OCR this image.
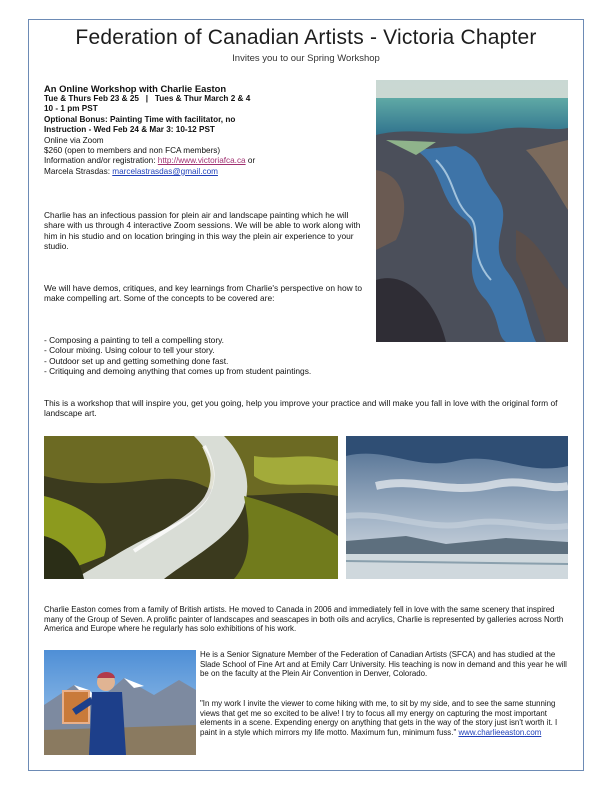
Federation of Canadian Artists - Victoria Chapter
Invites you to our Spring Workshop
An Online Workshop with Charlie Easton
Tue & Thurs Feb 23 & 25   |   Tues & Thur March 2 & 4
10 - 1 pm PST
Optional Bonus: Painting Time with facilitator, no
Instruction - Wed Feb 24 & Mar 3: 10-12 PST
Online via Zoom
$260 (open to members and non FCA members)
Information and/or registration: http://www.victoriafca.ca or
Marcela Strasdas: marcelastrasdas@gmail.com
Charlie has an infectious passion for plein air and landscape painting which he will share with us through 4 interactive Zoom sessions. We will be able to work along with him in his studio and on location bringing in this way the plein air experience to your studio.
We will have demos, critiques, and key learnings from Charlie's perspective on how to make compelling art. Some of the concepts to be covered are:
- Composing a painting to tell a compelling story.
- Colour mixing. Using colour to tell your story.
- Outdoor set up and getting something done fast.
- Critiquing and demoing anything that comes up from student paintings.
This is a workshop that will inspire you, get you going, help you improve your practice and will make you fall in love with the original form of landscape art.
Charlie Easton comes from a family of British artists. He moved to Canada in 2006 and immediately fell in love with the same scenery that inspired many of the Group of Seven. A prolific painter of landscapes and seascapes in both oils and acrylics, Charlie is represented by galleries across North America and Europe where he regularly has solo exhibitions of his work.
He is a Senior Signature Member of the Federation of Canadian Artists (SFCA) and has studied at the Slade School of Fine Art and at Emily Carr University. His teaching is now in demand and this year he will be on the faculty at the Plein Air Convention in Denver, Colorado.
"In my work I invite the viewer to come hiking with me, to sit by my side, and to see the same stunning views that get me so excited to be alive! I try to focus all my energy on capturing the most important elements in a scene. Expending energy on anything that gets in the way of the story just isn't worth it. I paint in a style which mirrors my life motto. Maximum fun, minimum fuss." www.charlieeaston.com
